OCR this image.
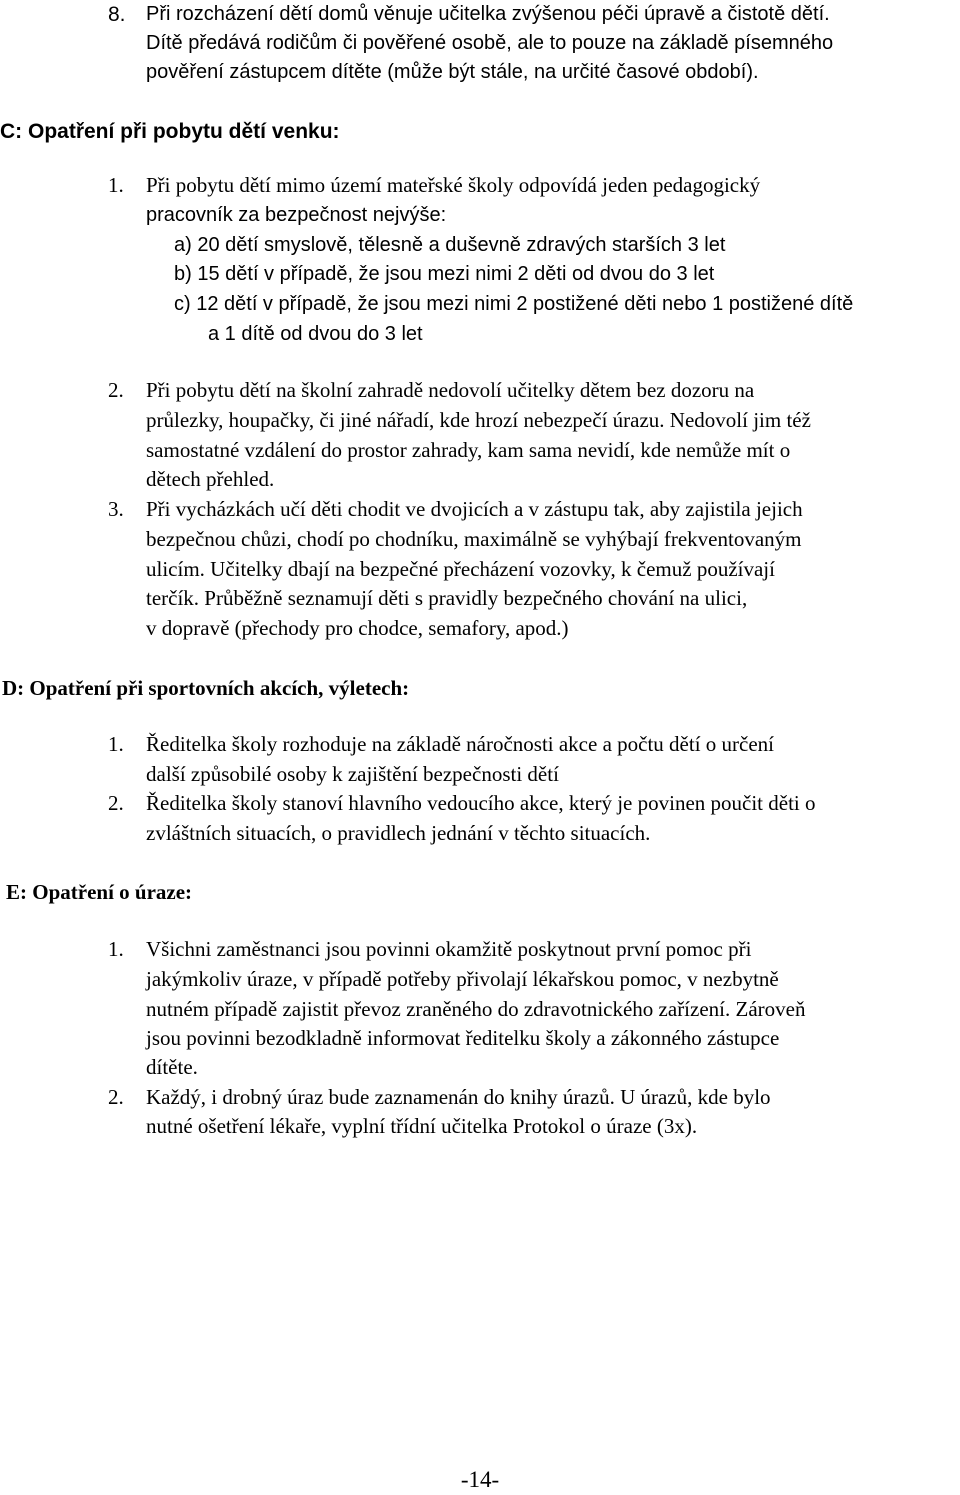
8. Při rozcházení dětí domů věnuje učitelka zvýšenou péči úpravě a čistotě dětí.
Dítě předává rodičům či pověřené osobě, ale to pouze na základě písemného
pověření zástupcem dítěte (může být stále, na určité časové období).
C: Opatření při pobytu dětí venku:
1. Při pobytu dětí mimo území mateřské školy odpovídá jeden pedagogický
pracovník za bezpečnost nejvýše:
a) 20 dětí smyslově, tělesně a duševně zdravých starších 3 let
b) 15 dětí v případě, že jsou mezi nimi 2 děti od dvou do 3 let
c) 12 dětí v případě, že jsou mezi nimi 2 postižené děti nebo 1 postižené dítě
a 1 dítě od dvou do 3 let
2. Při pobytu dětí na školní zahradě nedovolí učitelky dětem bez dozoru na
průlezky, houpačky, či jiné nářadí, kde hrozí nebezpečí úrazu. Nedovolí jim též
samostatné vzdálení do prostor zahrady, kam sama nevidí, kde nemůže mít o
dětech přehled.
3. Při vycházkách učí děti chodit ve dvojicích a v zástupu tak, aby zajistila jejich
bezpečnou chůzi, chodí po chodníku, maximálně se vyhýbají frekventovaným
ulicím. Učitelky dbají na bezpečné přecházení vozovky, k čemuž používají
terčík. Průběžně seznamují děti s pravidly bezpečného chování na ulici,
v dopravě (přechody pro chodce, semafory, apod.)
D: Opatření při sportovních akcích, výletech:
1. Ředitelka školy rozhoduje na základě náročnosti akce a počtu dětí o určení
další způsobilé osoby k zajištění bezpečnosti dětí
2. Ředitelka školy stanoví hlavního vedoucího akce, který je povinen poučit děti o
zvláštních situacích, o pravidlech jednání v těchto situacích.
E: Opatření o úraze:
1. Všichni zaměstnanci jsou povinni okamžitě poskytnout první pomoc při
jakýmkoliv úraze, v případě potřeby přivolají lékařskou pomoc, v nezbytně
nutném případě zajistit převoz zraněného do zdravotnického zařízení. Zároveň
jsou povinni bezodkladně informovat ředitelku školy a zákonného zástupce
dítěte.
2. Každý, i drobný úraz bude zaznamenán do knihy úrazů. U úrazů, kde bylo
nutné ošetření lékaře, vyplní třídní učitelka Protokol o úraze (3x).
-14-
